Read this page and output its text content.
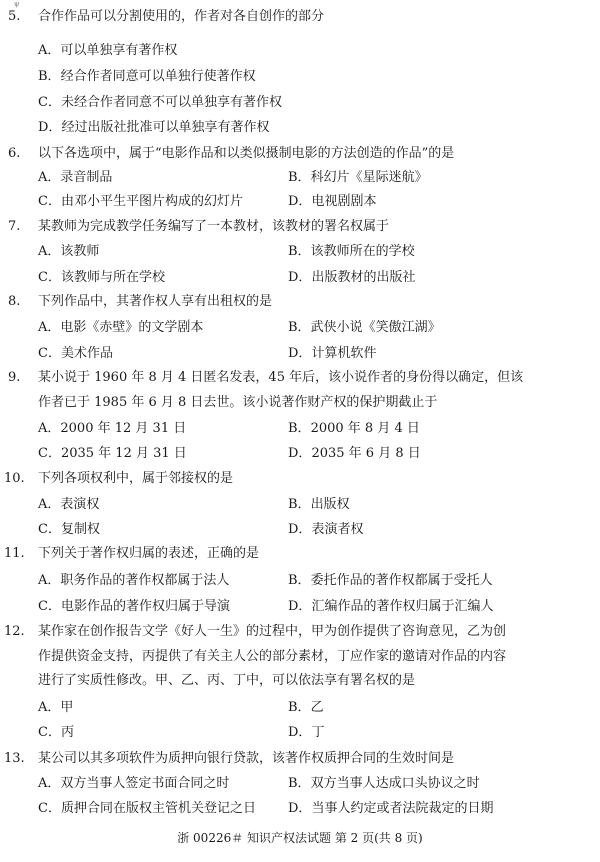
ψ
5. 合作作品可以分割使用的，作者对各自创作的部分
A．可以单独享有著作权
B．经合作者同意可以单独行使著作权
C．未经合作者同意不可以单独享有著作权
D．经过出版社批准可以单独享有著作权
6. 以下各选项中，属于“电影作品和以类似摄制电影的方法创造的作品”的是
A．录音制品	B．科幻片《星际迷航》
C．由邓小平生平图片构成的幻灯片	D．电视剧剧本
7. 某教师为完成教学任务编写了一本教材，该教材的署名权属于
A．该教师	B．该教师所在的学校
C．该教师与所在学校	D．出版教材的出版社
8. 下列作品中，其著作权人享有出租权的是
A．电影《赤壁》的文学剧本	B．武侠小说《笑傲江湖》
C．美术作品	D．计算机软件
9. 某小说于 1960 年 8 月 4 日匿名发表，45 年后，该小说作者的身份得以确定，但该
作者已于 1985 年 6 月 8 日去世。该小说著作财产权的保护期截止于
A．2000 年 12 月 31 日	B．2000 年 8 月 4 日
C．2035 年 12 月 31 日	D．2035 年 6 月 8 日
10. 下列各项权利中，属于邻接权的是
A．表演权	B．出版权
C．复制权	D．表演者权
11. 下列关于著作权归属的表述，正确的是
A．职务作品的著作权都属于法人	B．委托作品的著作权都属于受托人
C．电影作品的著作权归属于导演	D．汇编作品的著作权归属于汇编人
12. 某作家在创作报告文学《好人一生》的过程中，甲为创作提供了咨询意见，乙为创
作提供资金支持，丙提供了有关主人公的部分素材，丁应作家的邀请对作品的内容
进行了实质性修改。甲、乙、丙、丁中，可以依法享有署名权的是
A．甲	B．乙
C．丙	D．丁
13. 某公司以其多项软件为质押向银行贷款，该著作权质押合同的生效时间是
A．双方当事人签定书面合同之时	B．双方当事人达成口头协议之时
C．质押合同在版权主管机关登记之日 D．当事人约定或者法院裁定的日期
浙 00226＃ 知识产权法试题 第 2 页(共 8 页)
